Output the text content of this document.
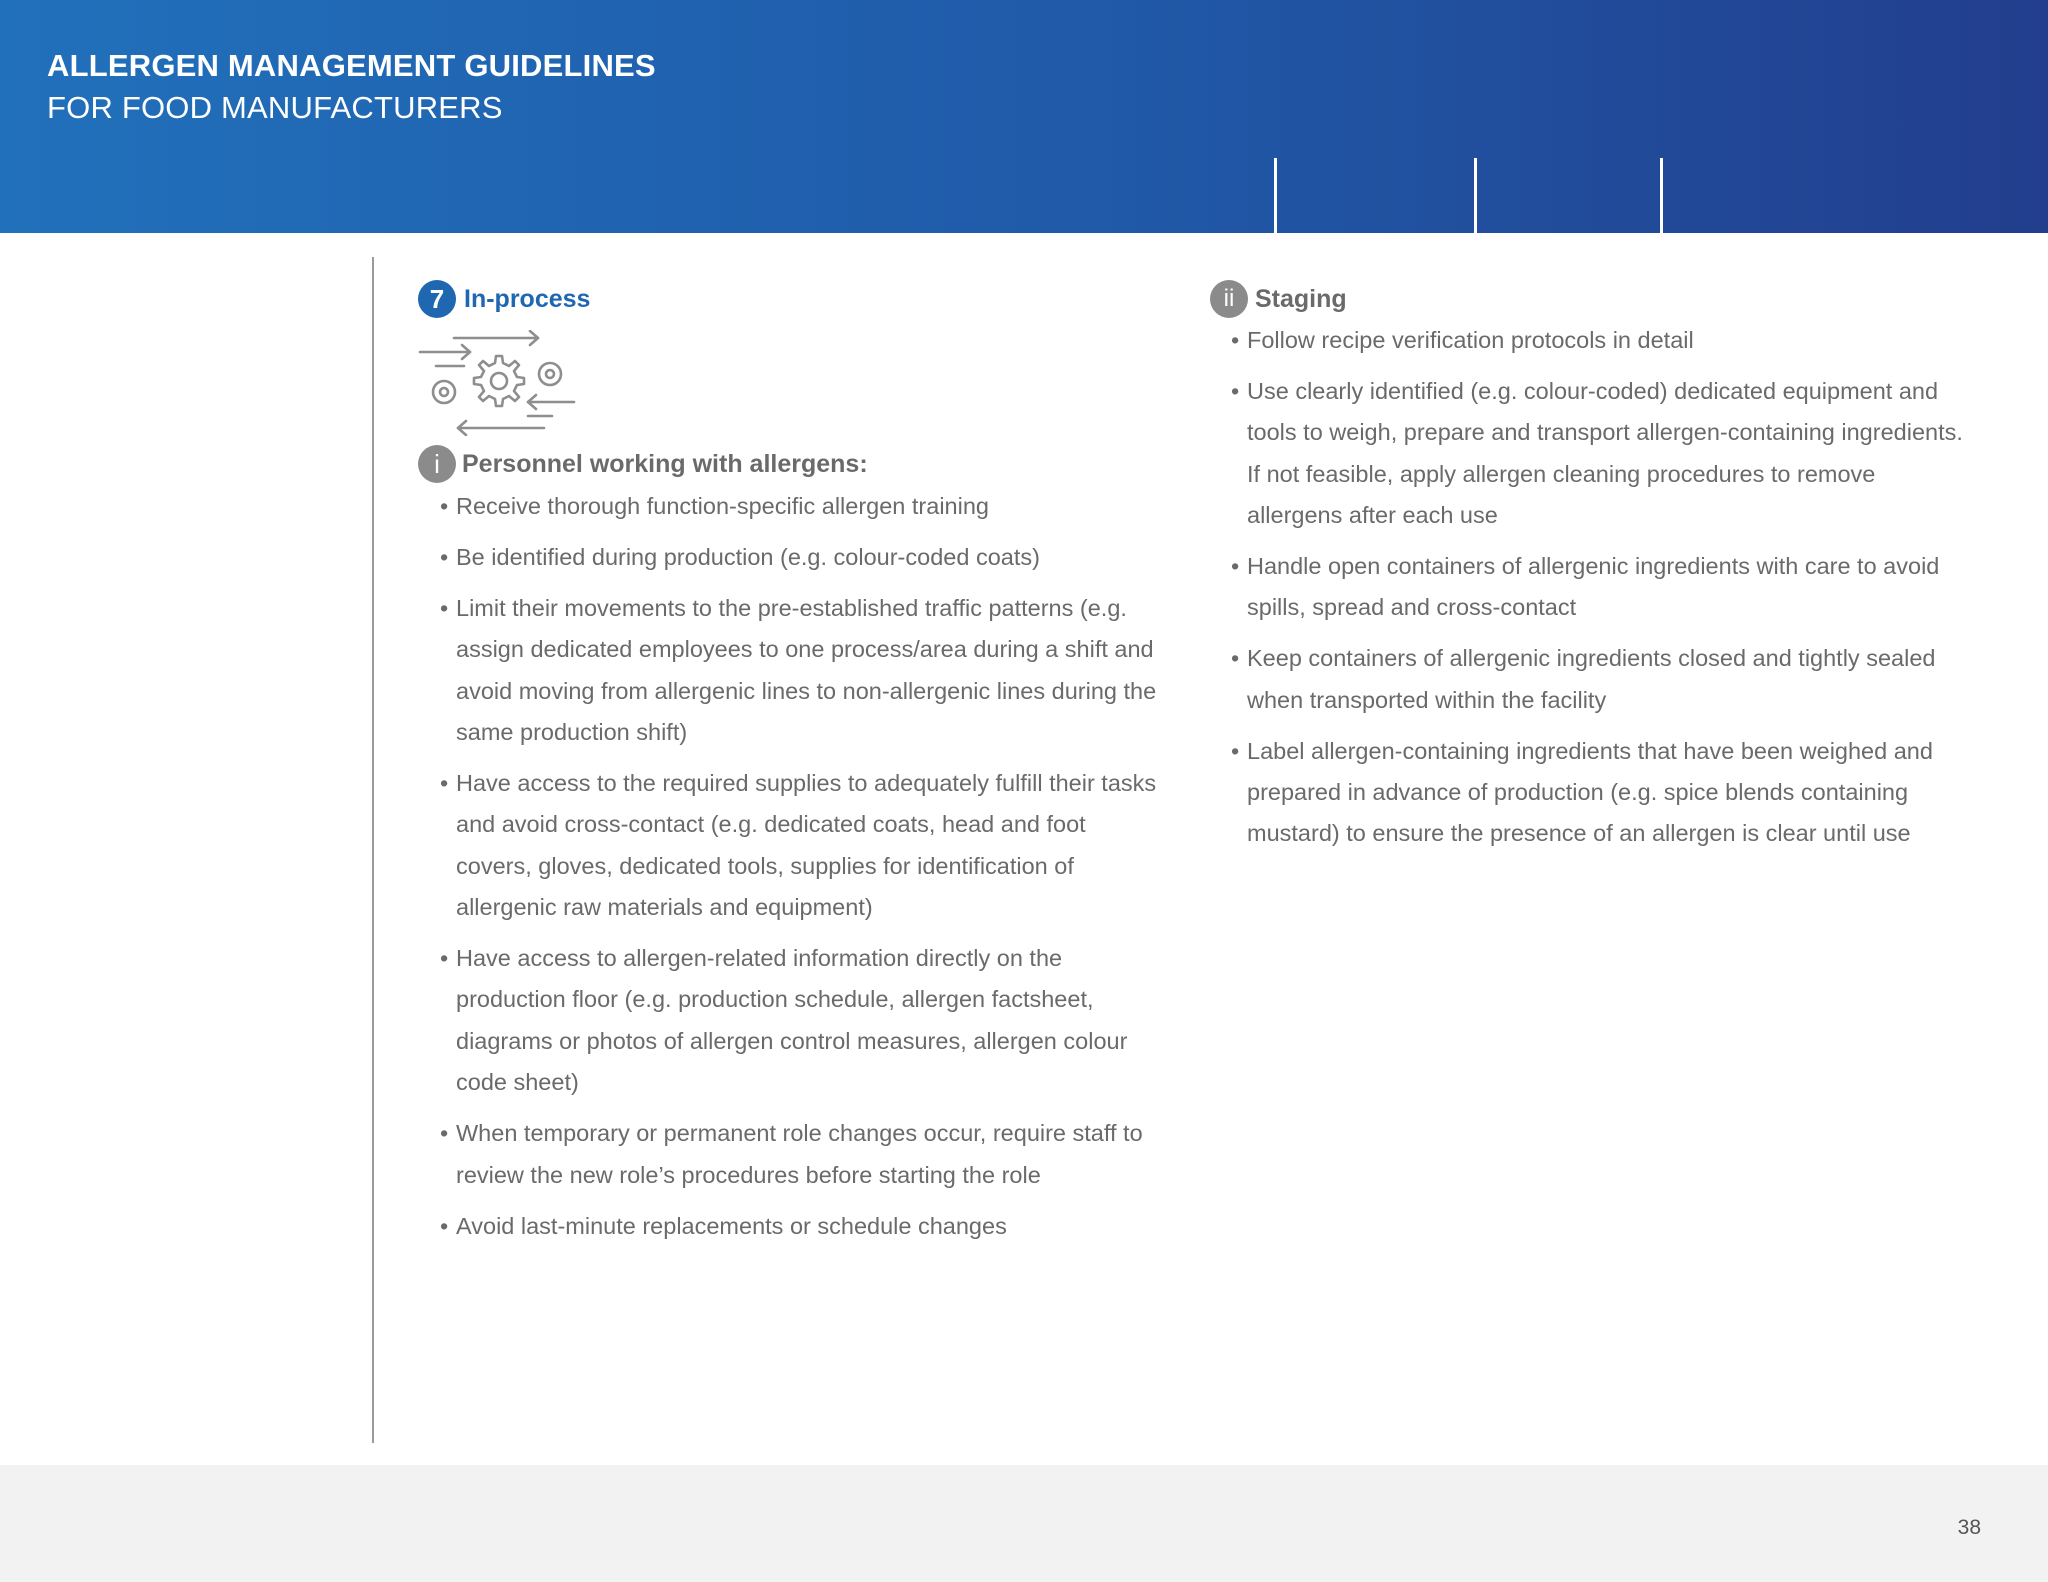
ALLERGEN MANAGEMENT GUIDELINES
FOR FOOD MANUFACTURERS
7 In-process
i Personnel working with allergens:
• Receive thorough function-specific allergen training
• Be identified during production (e.g. colour-coded coats)
• Limit their movements to the pre-established traffic patterns (e.g. assign dedicated employees to one process/area during a shift and avoid moving from allergenic lines to non-allergenic lines during the same production shift)
• Have access to the required supplies to adequately fulfill their tasks and avoid cross-contact (e.g. dedicated coats, head and foot covers, gloves, dedicated tools, supplies for identification of allergenic raw materials and equipment)
• Have access to allergen-related information directly on the production floor (e.g. production schedule, allergen factsheet, diagrams or photos of allergen control measures, allergen colour code sheet)
• When temporary or permanent role changes occur, require staff to review the new role’s procedures before starting the role
• Avoid last-minute replacements or schedule changes
ii Staging
• Follow recipe verification protocols in detail
• Use clearly identified (e.g. colour-coded) dedicated equipment and tools to weigh, prepare and transport allergen-containing ingredients. If not feasible, apply allergen cleaning procedures to remove allergens after each use
• Handle open containers of allergenic ingredients with care to avoid spills, spread and cross-contact
• Keep containers of allergenic ingredients closed and tightly sealed when transported within the facility
• Label allergen-containing ingredients that have been weighed and prepared in advance of production (e.g. spice blends containing mustard) to ensure the presence of an allergen is clear until use
38
